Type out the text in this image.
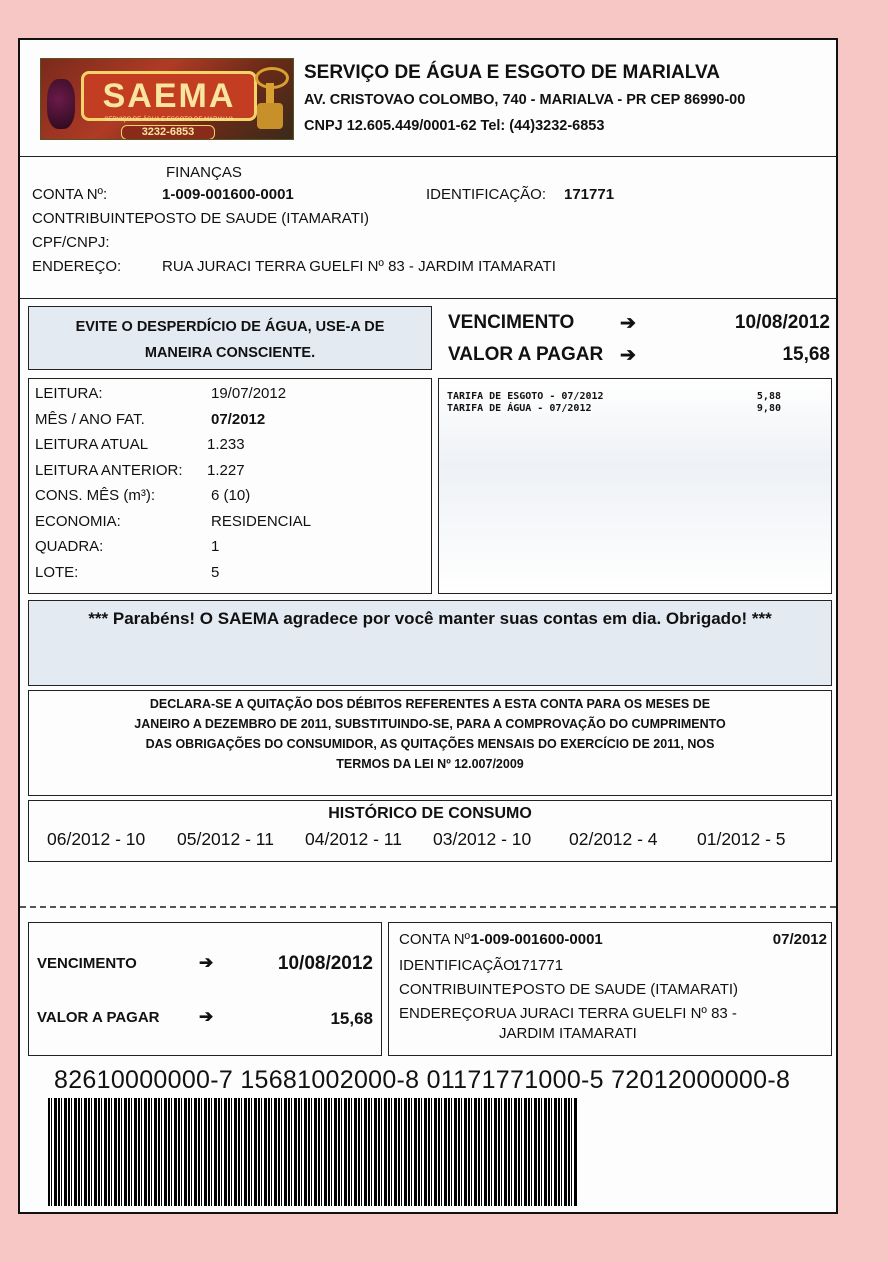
SAEMA
SERVIÇO DE ÁGUA E ESGOTO DE MARIALVA
3232-6853
SERVIÇO DE ÁGUA E ESGOTO DE MARIALVA
AV. CRISTOVAO COLOMBO, 740 - MARIALVA - PR CEP 86990-00
CNPJ 12.605.449/0001-62 Tel: (44)3232-6853
FINANÇAS
CONTA Nº:	1-009-001600-0001	IDENTIFICAÇÃO: 171771
CONTRIBUINTE:
POSTO DE SAUDE (ITAMARATI)
CPF/CNPJ:
ENDEREÇO:	RUA JURACI TERRA GUELFI Nº 83 - JARDIM ITAMARATI
EVITE O DESPERDÍCIO DE ÁGUA, USE-A DE
MANEIRA CONSCIENTE.
VENCIMENTO ➔	10/08/2012
VALOR A PAGAR ➔	15,68
LEITURA:	19/07/2012
MÊS / ANO FAT.	07/2012
LEITURA ATUAL	1.233
LEITURA ANTERIOR: 1.227
CONS. MÊS (m³):	6 (10)
ECONOMIA:	RESIDENCIAL
QUADRA:	1
LOTE:	5
TARIFA DE ESGOTO - 07/2012	5,88
TARIFA DE ÁGUA - 07/2012	9,80
*** Parabéns! O SAEMA agradece por você manter suas contas em dia. Obrigado! ***
DECLARA-SE A QUITAÇÃO DOS DÉBITOS REFERENTES A ESTA CONTA PARA OS MESES DE
JANEIRO A DEZEMBRO DE 2011, SUBSTITUINDO-SE, PARA A COMPROVAÇÃO DO CUMPRIMENTO
DAS OBRIGAÇÕES DO CONSUMIDOR, AS QUITAÇÕES MENSAIS DO EXERCÍCIO DE 2011, NOS
TERMOS DA LEI Nº 12.007/2009
HISTÓRICO DE CONSUMO
06/2012 - 10 05/2012 - 11 04/2012 - 11 03/2012 - 10 02/2012 - 4 01/2012 - 5
VENCIMENTO	➔	10/08/2012
VALOR A PAGAR ➔	15,68
CONTA Nº:
1-009-001600-0001	07/2012
IDENTIFICAÇÃO:
171771
CONTRIBUINTE:
POSTO DE SAUDE (ITAMARATI)
ENDEREÇO:
RUA JURACI TERRA GUELFI Nº 83 -
JARDIM ITAMARATI
82610000000-7 15681002000-8 01171771000-5 72012000000-8
